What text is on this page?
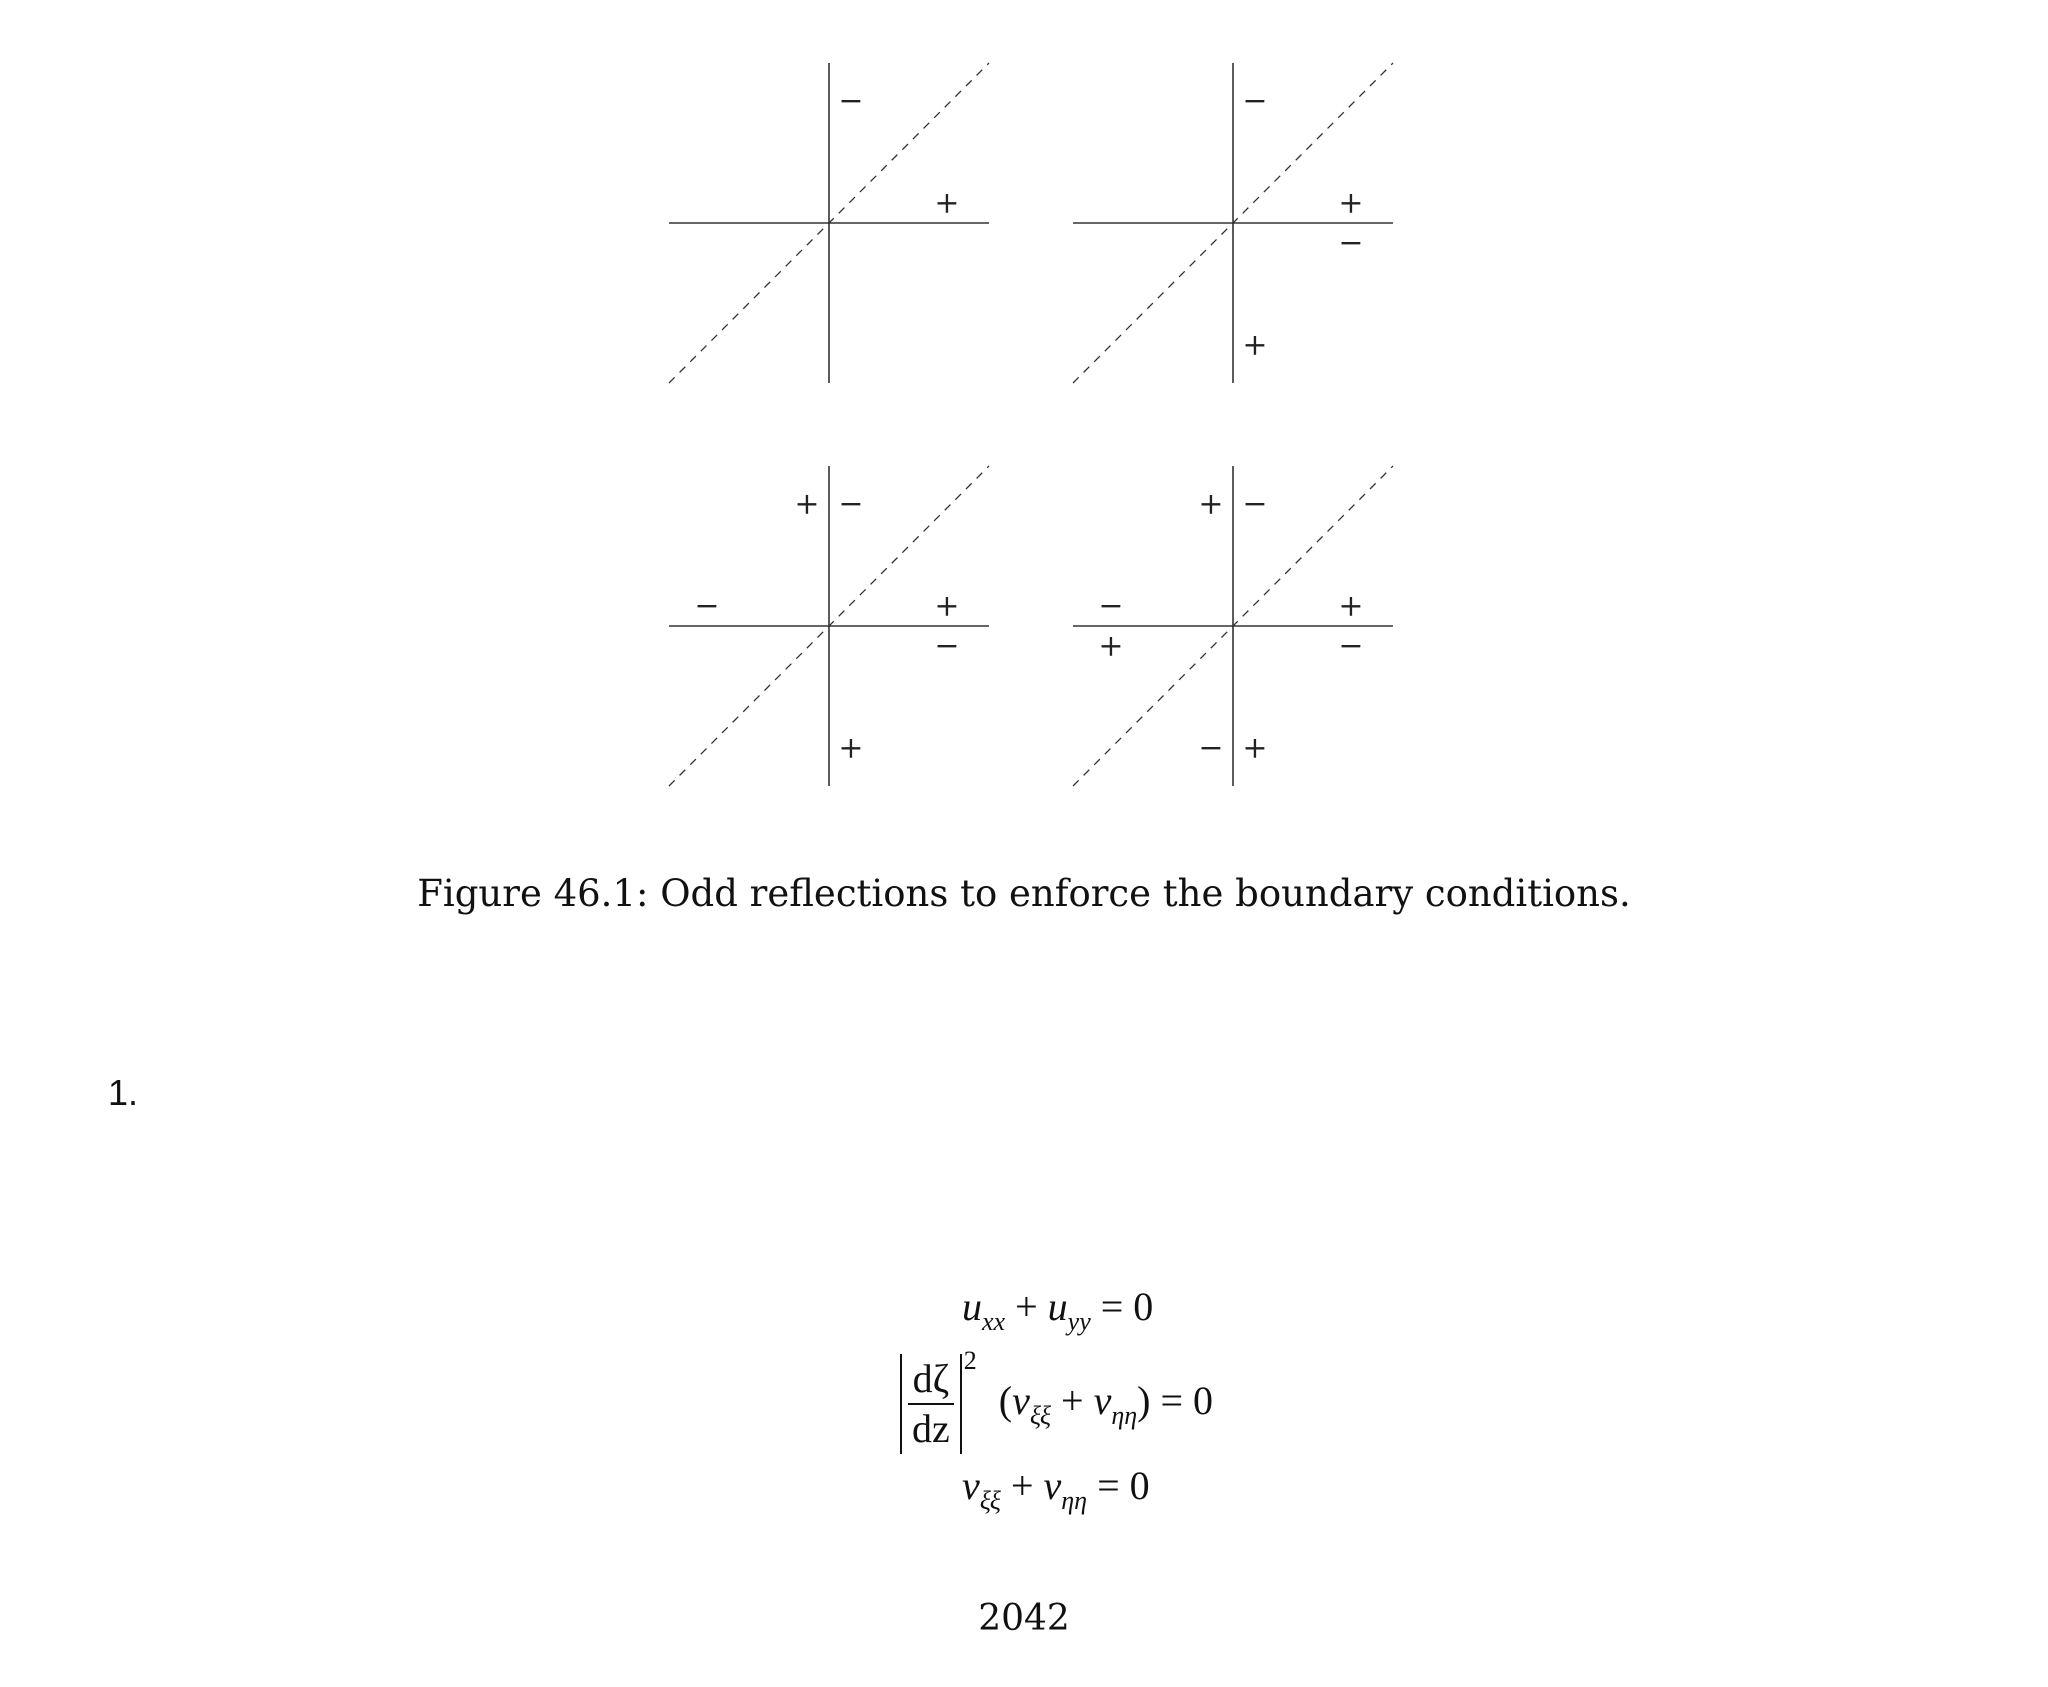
−
+
−
+
−
+
−
+
+
−
+
−
−
+
+
−
+
−
−
+
Figure 46.1: Odd reflections to enforce the boundary conditions.
1.
$u_{xx} + u_{yy} = 0$
$\frac{d\zeta}{dz} ^2$ $(v_{\xi\xi} + v_{\eta\eta}) = 0$
$v_{\xi\xi} + v_{\eta\eta} = 0$
2042
